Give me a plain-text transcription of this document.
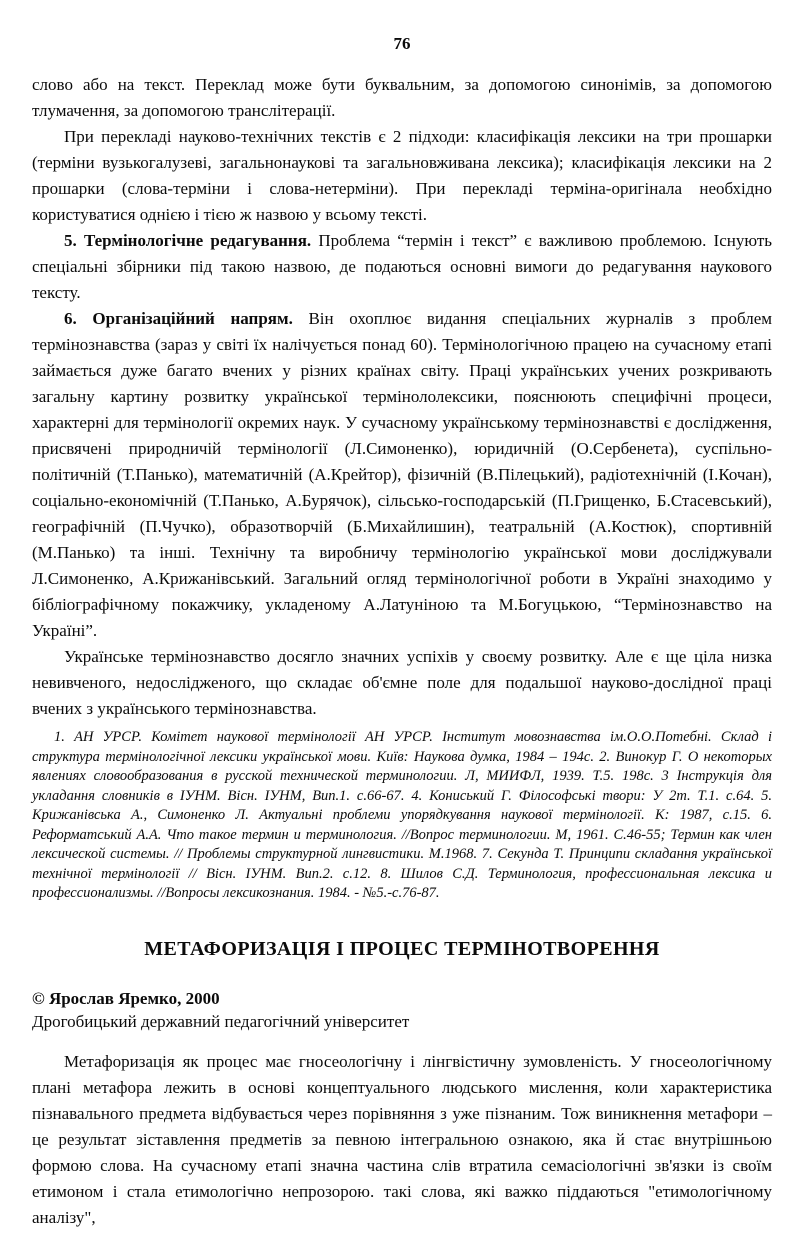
76

слово або на текст. Переклад може бути буквальним, за допомогою синонімів, за допомогою тлумачення, за допомогою транслітерації.

При перекладі науково-технічних текстів є 2 підходи: класифікація лексики на три прошарки (терміни вузькогалузеві, загальнонаукові та загальновживана лексика); класифікація лексики на 2 прошарки (слова-терміни і слова-нетерміни). При перекладі терміна-оригінала необхідно користуватися однією і тією ж назвою у всьому тексті.

5. Термінологічне редагування. Проблема “термін і текст” є важливою проблемою. Існують спеціальні збірники під такою назвою, де подаються основні вимоги до редагування наукового тексту.

6. Організаційний напрям. Він охоплює видання спеціальних журналів з проблем термінознавства (зараз у світі їх налічується понад 60). Термінологічною працею на сучасному етапі займається дуже багато вчених у різних країнах світу. Праці українських учених розкривають загальну картину розвитку української термінололексики, пояснюють специфічні процеси, характерні для термінології окремих наук. У сучасному українському термінознавстві є дослідження, присвячені природничій термінології (Л.Симоненко), юридичній (О.Сербенета), суспільно-політичній (Т.Панько), математичній (А.Крейтор), фізичній (В.Пілецький), радіотехнічній (І.Кочан), соціально-економічній (Т.Панько, А.Бурячок), сільсько-господарській (П.Грищенко, Б.Стасевський), географічній (П.Чучко), образотворчій (Б.Михайлишин), театральній (А.Костюк), спортивній (М.Панько) та інші. Технічну та виробничу термінологію української мови досліджували Л.Симоненко, А.Крижанівський. Загальний огляд термінологічної роботи в Україні знаходимо у бібліографічному покажчику, укладеному А.Латуніною та М.Богуцькою, “Термінознавство на Україні”.

Українське термінознавство досягло значних успіхів у своєму розвитку. Але є ще ціла низка невивченого, недослідженого, що складає об'ємне поле для подальшої науково-дослідної праці вчених з українського термінознавства.

1. АН УРСР. Комітет наукової термінології АН УРСР. Інститут мовознавства ім.О.О.Потебні. Склад і структура термінологічної лексики української мови. Київ: Наукова думка, 1984 – 194с. 2. Винокур Г. О некоторых явлениях словообразования в русской технической терминологии. Л, МИИФЛ, 1939. Т.5. 198с. 3 Інструкція для укладання словників в ІУНМ. Вісн. ІУНМ, Вип.1. с.66-67. 4. Кониський Г. Філософські твори: У 2т. Т.1. с.64. 5. Крижанівська А., Симоненко Л. Актуальні проблеми упорядкування наукової термінології. К: 1987, с.15. 6. Реформатський А.А. Что такое термин и терминология. //Вопрос терминологии. М, 1961. С.46-55; Термин как член лексической системы. // Проблемы структурной лингвистики. М.1968. 7. Секунда Т. Принципи складання української технічної термінології // Вісн. ІУНМ. Вип.2. с.12. 8. Шилов С.Д. Терминология, профессиональная лексика и профессионализмы. //Вопросы лексикознания. 1984. - №5.-с.76-87.
МЕТАФОРИЗАЦІЯ І ПРОЦЕС ТЕРМІНОТВОРЕННЯ
© Ярослав Яремко, 2000
Дрогобицький державний педагогічний університет

Метафоризація як процес має гносеологічну і лінгвістичну зумовленість. У гносеологічному плані метафора лежить в основі концептуального людського мислення, коли характеристика пізнавального предмета відбувається через порівняння з уже пізнаним. Тож виникнення метафори – це результат зіставлення предметів за певною інтегральною ознакою, яка й стає внутрішньою формою слова. На сучасному етапі значна частина слів втратила семасіологічні зв'язки із своїм етимоном і стала етимологічно непрозорою. такі слова, які важко піддаються "етимологічному аналізу",
